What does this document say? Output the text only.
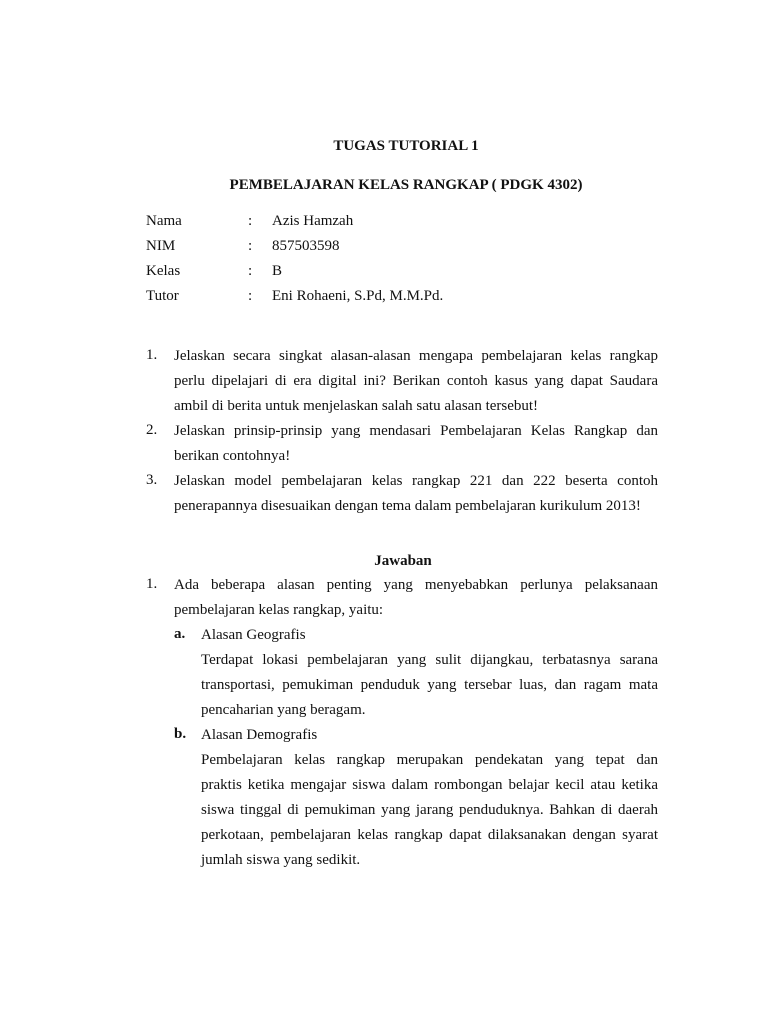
TUGAS TUTORIAL 1
PEMBELAJARAN KELAS RANGKAP ( PDGK 4302)
Nama	: Azis Hamzah
NIM	: 857503598
Kelas	: B
Tutor	: Eni Rohaeni, S.Pd, M.M.Pd.
1. Jelaskan secara singkat alasan-alasan mengapa pembelajaran kelas rangkap
perlu dipelajari di era digital ini? Berikan contoh kasus yang dapat Saudara
ambil di berita untuk menjelaskan salah satu alasan tersebut!
2. Jelaskan prinsip-prinsip yang mendasari Pembelajaran Kelas Rangkap dan
berikan contohnya!
3. Jelaskan model pembelajaran kelas rangkap 221 dan 222 beserta contoh
penerapannya disesuaikan dengan tema dalam pembelajaran kurikulum 2013!
Jawaban
1. Ada beberapa alasan penting yang menyebabkan perlunya pelaksanaan
pembelajaran kelas rangkap, yaitu:
a. Alasan Geografis
Terdapat lokasi pembelajaran yang sulit dijangkau, terbatasnya sarana
transportasi, pemukiman penduduk yang tersebar luas, dan ragam mata
pencaharian yang beragam.
b. Alasan Demografis
Pembelajaran kelas rangkap merupakan pendekatan yang tepat dan
praktis ketika mengajar siswa dalam rombongan belajar kecil atau ketika
siswa tinggal di pemukiman yang jarang penduduknya. Bahkan di daerah
perkotaan, pembelajaran kelas rangkap dapat dilaksanakan dengan syarat
jumlah siswa yang sedikit.
